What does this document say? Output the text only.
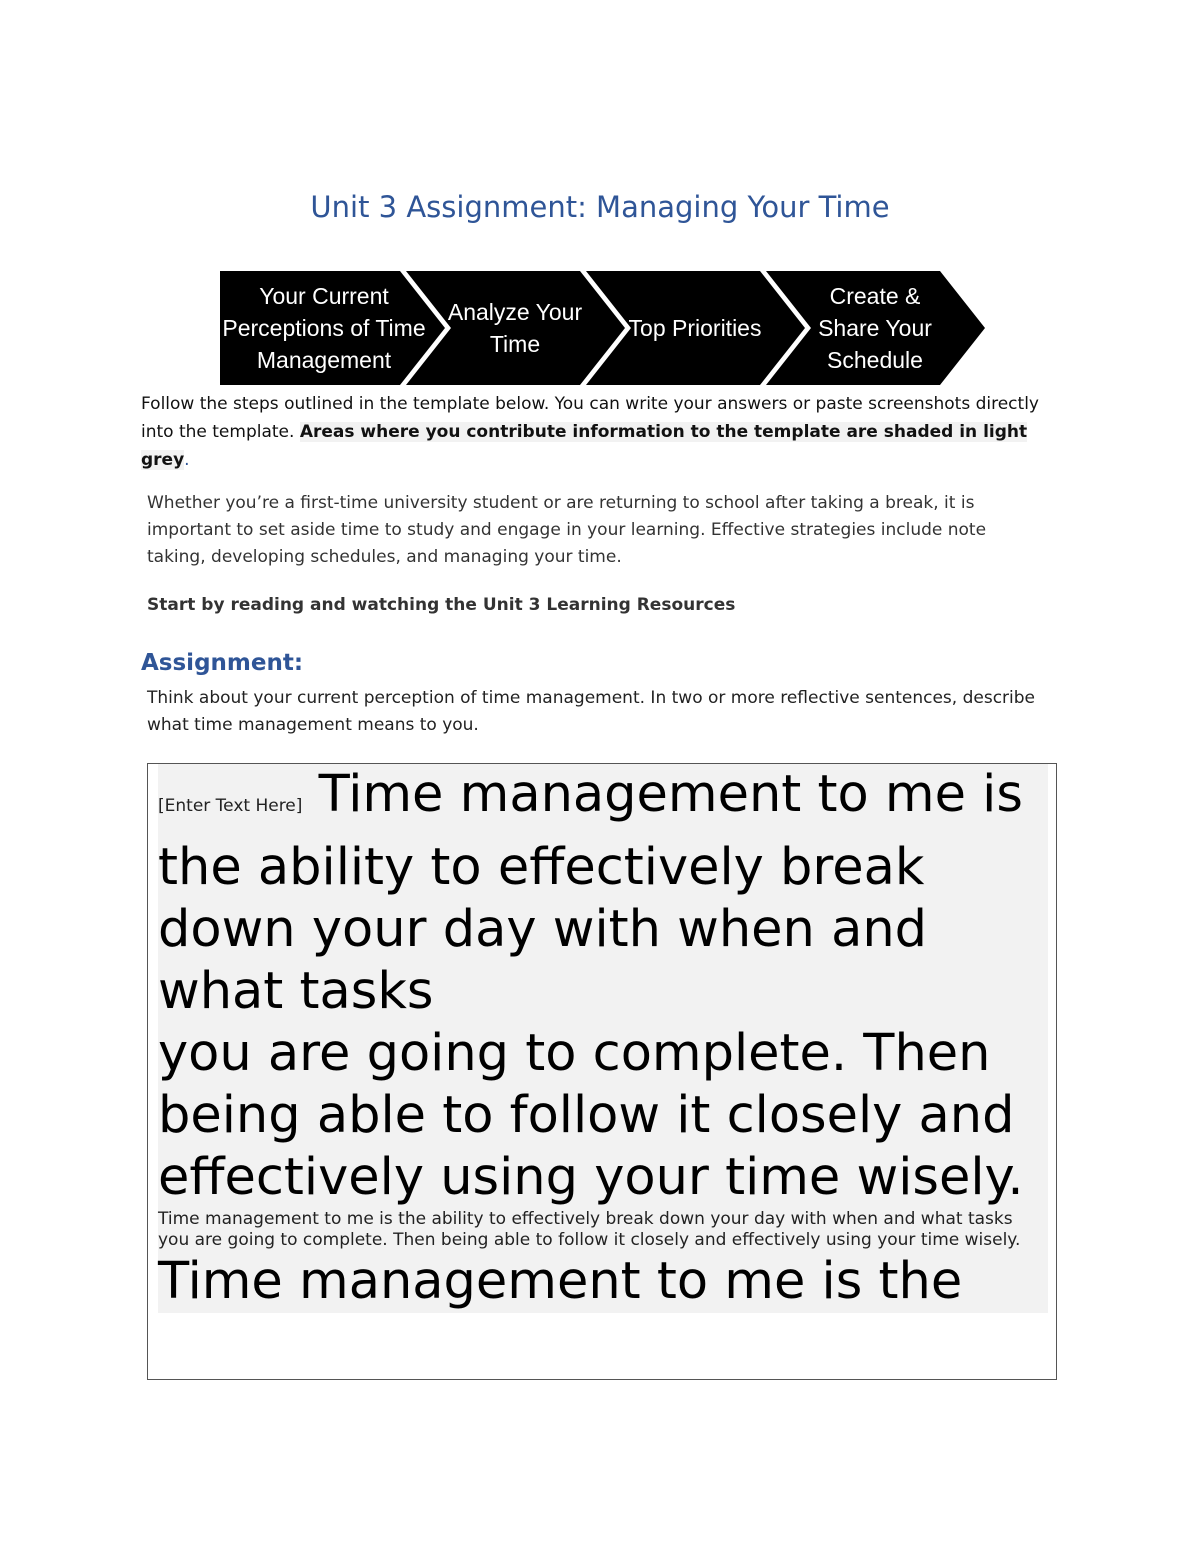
Unit 3 Assignment: Managing Your Time
Your Current
Perceptions of Time
Management
Analyze Your
Time
Top Priorities
Create &
Share Your
Schedule
Follow the steps outlined in the template below. You can write your answers or paste screenshots directly into the template. Areas where you contribute information to the template are shaded in light grey.
Whether you’re a first-time university student or are returning to school after taking a break, it is important to set aside time to study and engage in your learning. Effective strategies include note taking, developing schedules, and managing your time.
Start by reading and watching the Unit 3 Learning Resources
Assignment:
Think about your current perception of time management. In two or more reflective sentences, describe what time management means to you.
[Enter Text Here] Time management to me is the ability to effectively break down your day with when and what tasks
you are going to complete. Then being able to follow it closely and effectively using your time wisely.
Time management to me is the ability to effectively break down your day with when and what tasks you are going to complete. Then being able to follow it closely and effectively using your time wisely.
Time management to me is the
